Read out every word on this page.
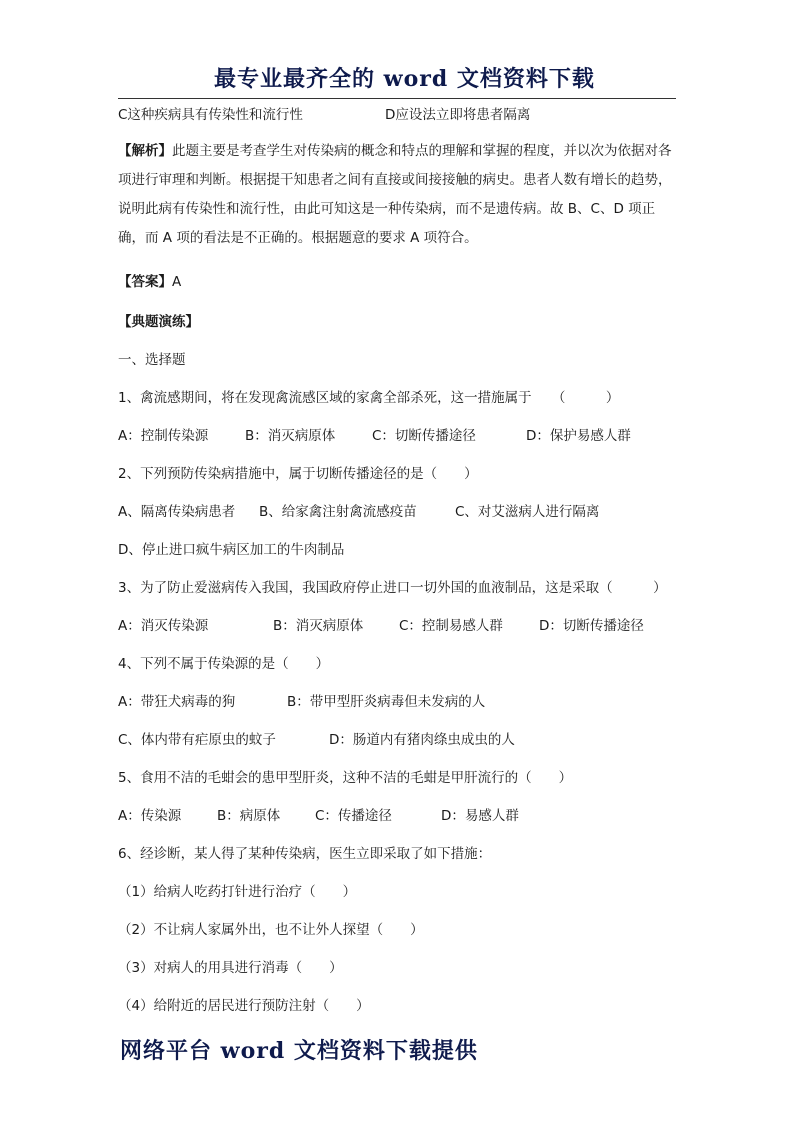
最专业最齐全的 word 文档资料下载
C这种疾病具有传染性和流行性	D应设法立即将患者隔离
【解析】此题主要是考查学生对传染病的概念和特点的理解和掌握的程度，并以次为依据对各项进行审理和判断。根据提干知患者之间有直接或间接接触的病史。患者人数有增长的趋势，说明此病有传染性和流行性，由此可知这是一种传染病，而不是遗传病。故 B、C、D 项正确，而 A 项的看法是不正确的。根据题意的要求 A 项符合。
【答案】A
【典题演练】
一、选择题
1、禽流感期间，将在发现禽流感区域的家禽全部杀死，这一措施属于　　（　　　）
A：控制传染源	B：消灭病原体	C：切断传播途径	D：保护易感人群
2、下列预防传染病措施中，属于切断传播途径的是（　　）
A、隔离传染病患者 B、给家禽注射禽流感疫苗	C、对艾滋病人进行隔离
D、停止进口疯牛病区加工的牛肉制品
3、为了防止爱滋病传入我国，我国政府停止进口一切外国的血液制品，这是采取（　　　）
A：消灭传染源	B：消灭病原体	C：控制易感人群	D：切断传播途径
4、下列不属于传染源的是（　　）
A：带狂犬病毒的狗	B：带甲型肝炎病毒但未发病的人
C、体内带有疟原虫的蚊子	D：肠道内有猪肉绦虫成虫的人
5、食用不洁的毛蚶会的患甲型肝炎，这种不洁的毛蚶是甲肝流行的（　　）
A：传染源	B：病原体	C：传播途径	D：易感人群
6、经诊断，某人得了某种传染病，医生立即采取了如下措施：
（1）给病人吃药打针进行治疗（　　）
（2）不让病人家属外出，也不让外人探望（　　）
（3）对病人的用具进行消毒（　　）
（4）给附近的居民进行预防注射（　　）
网络平台 word 文档资料下载提供
